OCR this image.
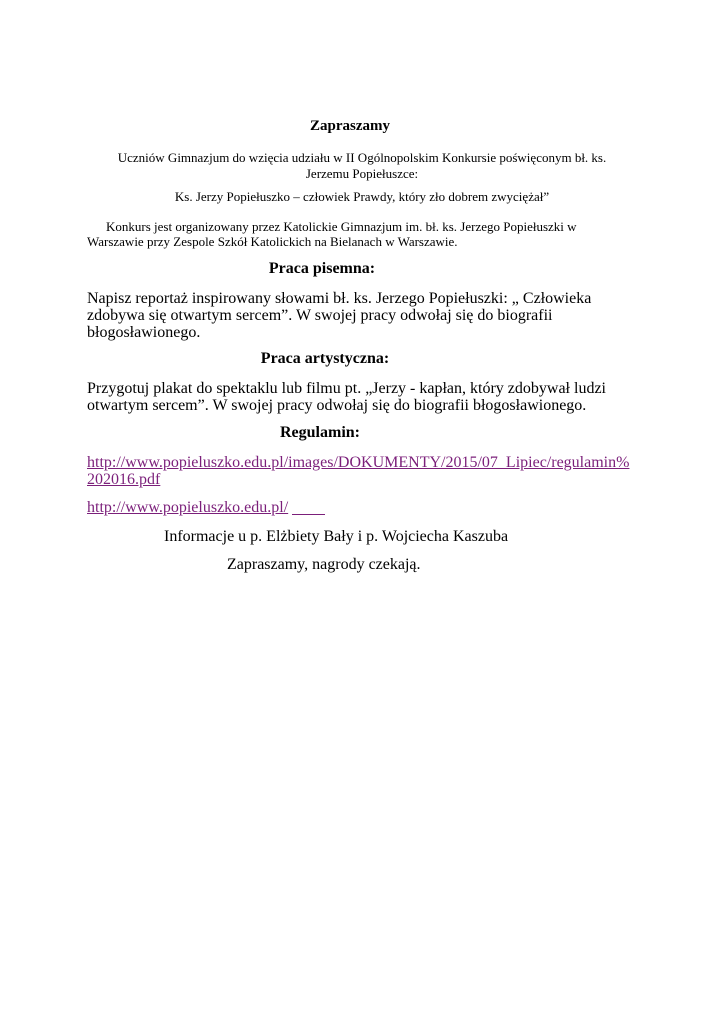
Zapraszamy

Uczniów Gimnazjum do wzięcia udziału w II Ogólnopolskim Konkursie poświęconym bł. ks.

Jerzemu Popiełuszce:

Ks. Jerzy Popiełuszko – człowiek Prawdy, który zło dobrem zwyciężał”

Konkurs jest organizowany przez Katolickie Gimnazjum im. bł. ks. Jerzego Popiełuszki w

Warszawie przy Zespole Szkół Katolickich na Bielanach w Warszawie.

Praca pisemna:

Napisz reportaż inspirowany słowami bł. ks. Jerzego Popiełuszki: „ Człowieka

zdobywa się otwartym sercem”. W swojej pracy odwołaj się do biografii

błogosławionego.

Praca artystyczna:

Przygotuj plakat do spektaklu lub filmu pt. „Jerzy - kapłan, który zdobywał ludzi

otwartym sercem”. W swojej pracy odwołaj się do biografii błogosławionego.

Regulamin:

http://www.popieluszko.edu.pl/images/DOKUMENTY/2015/07_Lipiec/regulamin%
202016.pdf
http://www.popieluszko.edu.pl/

Informacje u p. Elżbiety Bały i p. Wojciecha Kaszuba

Zapraszamy, nagrody czekają.
